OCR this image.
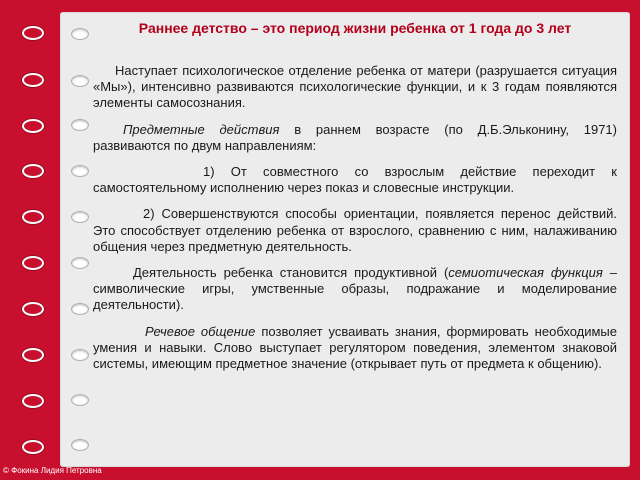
Раннее детство – это период жизни ребенка от 1 года до 3 лет

Наступает психологическое отделение ребенка от матери (разрушается ситуация «Мы»), интенсивно развиваются психологические функции, и к 3 годам появляются элементы самосознания.

Предметные действия в раннем возрасте (по Д.Б.Эльконину, 1971) развиваются по двум направлениям:

1) От совместного со взрослым действие переходит к самостоятельному исполнению через показ и словесные инструкции.

2) Совершенствуются способы ориентации, появляется перенос действий. Это способствует отделению ребенка от взрослого, сравнению с ним, налаживанию общения через предметную деятельность.

Деятельность ребенка становится продуктивной (семиотическая функция – символические игры, умственные образы, подражание и моделирование деятельности).

Речевое общение позволяет усваивать знания, формировать необходимые умения и навыки. Слово выступает регулятором поведения, элементом знаковой системы, имеющим предметное значение (открывает путь от предмета к общению).

© Фокина Лидия Петровна
